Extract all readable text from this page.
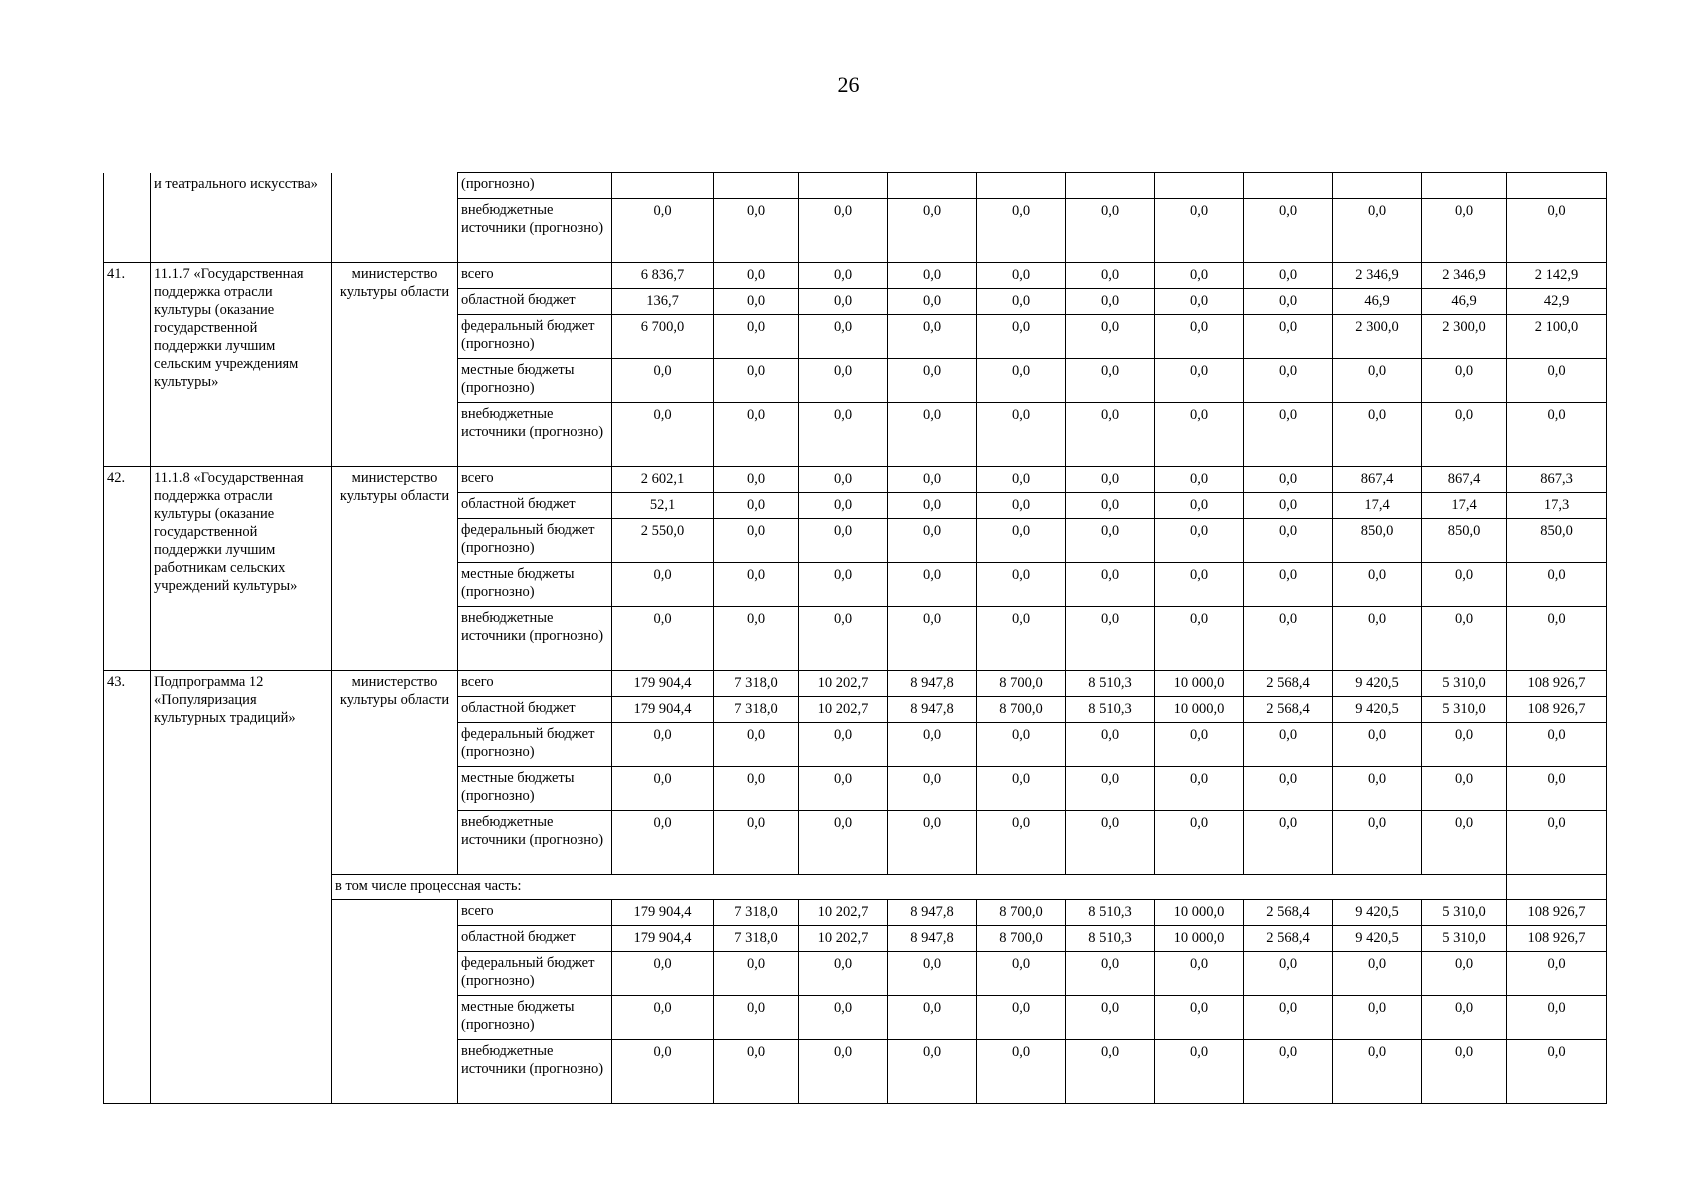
26
	и театрального искусства»		(прогнозно)											
			внебюджетные источники (прогнозно)	0,0	0,0	0,0	0,0	0,0	0,0	0,0	0,0	0,0	0,0	0,0
41.	11.1.7 «Государственная поддержка отрасли культуры (оказание государственной поддержки лучшим сельским учреждениям культуры»	министерство культуры области	всего	6 836,7	0,0	0,0	0,0	0,0	0,0	0,0	0,0	2 346,9	2 346,9	2 142,9
			областной бюджет	136,7	0,0	0,0	0,0	0,0	0,0	0,0	0,0	46,9	46,9	42,9
			федеральный бюджет (прогнозно)	6 700,0	0,0	0,0	0,0	0,0	0,0	0,0	0,0	2 300,0	2 300,0	2 100,0
			местные бюджеты (прогнозно)	0,0	0,0	0,0	0,0	0,0	0,0	0,0	0,0	0,0	0,0	0,0
			внебюджетные источники (прогнозно)	0,0	0,0	0,0	0,0	0,0	0,0	0,0	0,0	0,0	0,0	0,0
42.	11.1.8 «Государственная поддержка отрасли культуры (оказание государственной поддержки лучшим работникам сельских учреждений культуры»	министерство культуры области	всего	2 602,1	0,0	0,0	0,0	0,0	0,0	0,0	0,0	867,4	867,4	867,3
			областной бюджет	52,1	0,0	0,0	0,0	0,0	0,0	0,0	0,0	17,4	17,4	17,3
			федеральный бюджет (прогнозно)	2 550,0	0,0	0,0	0,0	0,0	0,0	0,0	0,0	850,0	850,0	850,0
			местные бюджеты (прогнозно)	0,0	0,0	0,0	0,0	0,0	0,0	0,0	0,0	0,0	0,0	0,0
			внебюджетные источники (прогнозно)	0,0	0,0	0,0	0,0	0,0	0,0	0,0	0,0	0,0	0,0	0,0
43.	Подпрограмма 12 «Популяризация культурных традиций»	министерство культуры области	всего	179 904,4	7 318,0	10 202,7	8 947,8	8 700,0	8 510,3	10 000,0	2 568,4	9 420,5	5 310,0	108 926,7
			областной бюджет	179 904,4	7 318,0	10 202,7	8 947,8	8 700,0	8 510,3	10 000,0	2 568,4	9 420,5	5 310,0	108 926,7
			федеральный бюджет (прогнозно)	0,0	0,0	0,0	0,0	0,0	0,0	0,0	0,0	0,0	0,0	0,0
			местные бюджеты (прогнозно)	0,0	0,0	0,0	0,0	0,0	0,0	0,0	0,0	0,0	0,0	0,0
			внебюджетные источники (прогнозно)	0,0	0,0	0,0	0,0	0,0	0,0	0,0	0,0	0,0	0,0	0,0
		в том числе процессная часть:												
			всего	179 904,4	7 318,0	10 202,7	8 947,8	8 700,0	8 510,3	10 000,0	2 568,4	9 420,5	5 310,0	108 926,7
			областной бюджет	179 904,4	7 318,0	10 202,7	8 947,8	8 700,0	8 510,3	10 000,0	2 568,4	9 420,5	5 310,0	108 926,7
			федеральный бюджет (прогнозно)	0,0	0,0	0,0	0,0	0,0	0,0	0,0	0,0	0,0	0,0	0,0
			местные бюджеты (прогнозно)	0,0	0,0	0,0	0,0	0,0	0,0	0,0	0,0	0,0	0,0	0,0
			внебюджетные источники (прогнозно)	0,0	0,0	0,0	0,0	0,0	0,0	0,0	0,0	0,0	0,0	0,0
